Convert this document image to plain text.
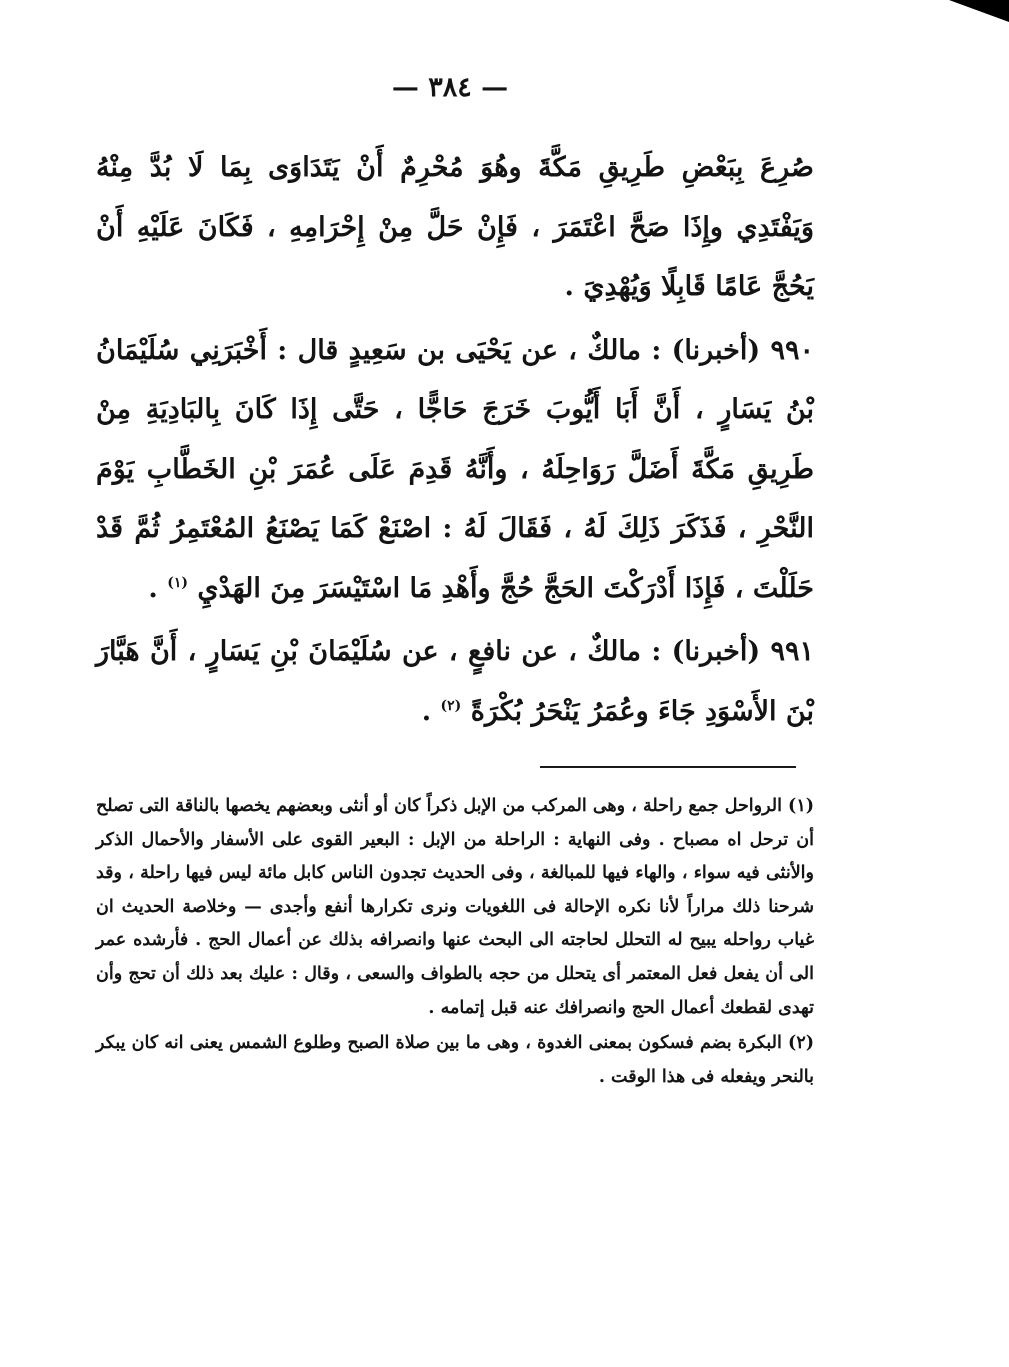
— ٣٨٤ —

صُرِعَ بِبَعْضِ طَرِيقِ مَكَّةَ وهُوَ مُحْرِمٌ أَنْ يَتَدَاوَى بِمَا لَا بُدَّ مِنْهُ وَيَفْتَدِي وإِذَا صَحَّ اعْتَمَرَ ، فَإِنْ حَلَّ مِنْ إِحْرَامِهِ ، فَكَانَ عَلَيْهِ أَنْ يَحُجَّ عَامًا قَابِلًا وَيُهْدِيَ .

٩٩٠ (أخبرنا) : مالكٌ ، عن يَحْيَى بن سَعِيدٍ قال : أَخْبَرَنِي سُلَيْمَانُ بْنُ يَسَارٍ ، أَنَّ أَبَا أَيُّوبَ خَرَجَ حَاجًّا ، حَتَّى إِذَا كَانَ بِالبَادِيَةِ مِنْ طَرِيقِ مَكَّةَ أَضَلَّ رَوَاحِلَهُ ، وأَنَّهُ قَدِمَ عَلَى عُمَرَ بْنِ الخَطَّابِ يَوْمَ النَّحْرِ ، فَذَكَرَ ذَلِكَ لَهُ ، فَقَالَ لَهُ : اصْنَعْ كَمَا يَصْنَعُ المُعْتَمِرُ ثُمَّ قَدْ حَلَلْتَ ، فَإِذَا أَدْرَكْتَ الحَجَّ حُجَّ وأَهْدِ مَا اسْتَيْسَرَ مِنَ الهَدْيِ $^{(١)}$ .

٩٩١ (أخبرنا) : مالكٌ ، عن نافعٍ ، عن سُلَيْمَانَ بْنِ يَسَارٍ ، أَنَّ هَبَّارَ بْنَ الأَسْوَدِ جَاءَ وعُمَرُ يَنْحَرُ بُكْرَةً $^{(٢)}$ .

(١) الرواحل جمع راحلة ، وهى المركب من الإبل ذكراً كان أو أنثى وبعضهم يخصها بالناقة التى تصلح أن ترحل اه مصباح . وفى النهاية : الراحلة من الإبل : البعير القوى على الأسفار والأحمال الذكر والأنثى فيه سواء ، والهاء فيها للمبالغة ، وفى الحديث تجدون الناس كابل مائة ليس فيها راحلة ، وقد شرحنا ذلك مراراً لأنا نكره الإحالة فى اللغويات ونرى تكرارها أنفع وأجدى — وخلاصة الحديث ان غياب رواحله يبيح له التحلل لحاجته الى البحث عنها وانصرافه بذلك عن أعمال الحج . فأرشده عمر الى أن يفعل فعل المعتمر أى يتحلل من حجه بالطواف والسعى ، وقال : عليك بعد ذلك أن تحج وأن تهدى لقطعك أعمال الحج وانصرافك عنه قبل إتمامه .

(٢) البكرة بضم فسكون بمعنى الغدوة ، وهى ما بين صلاة الصبح وطلوع الشمس يعنى انه كان يبكر بالنحر ويفعله فى هذا الوقت .
